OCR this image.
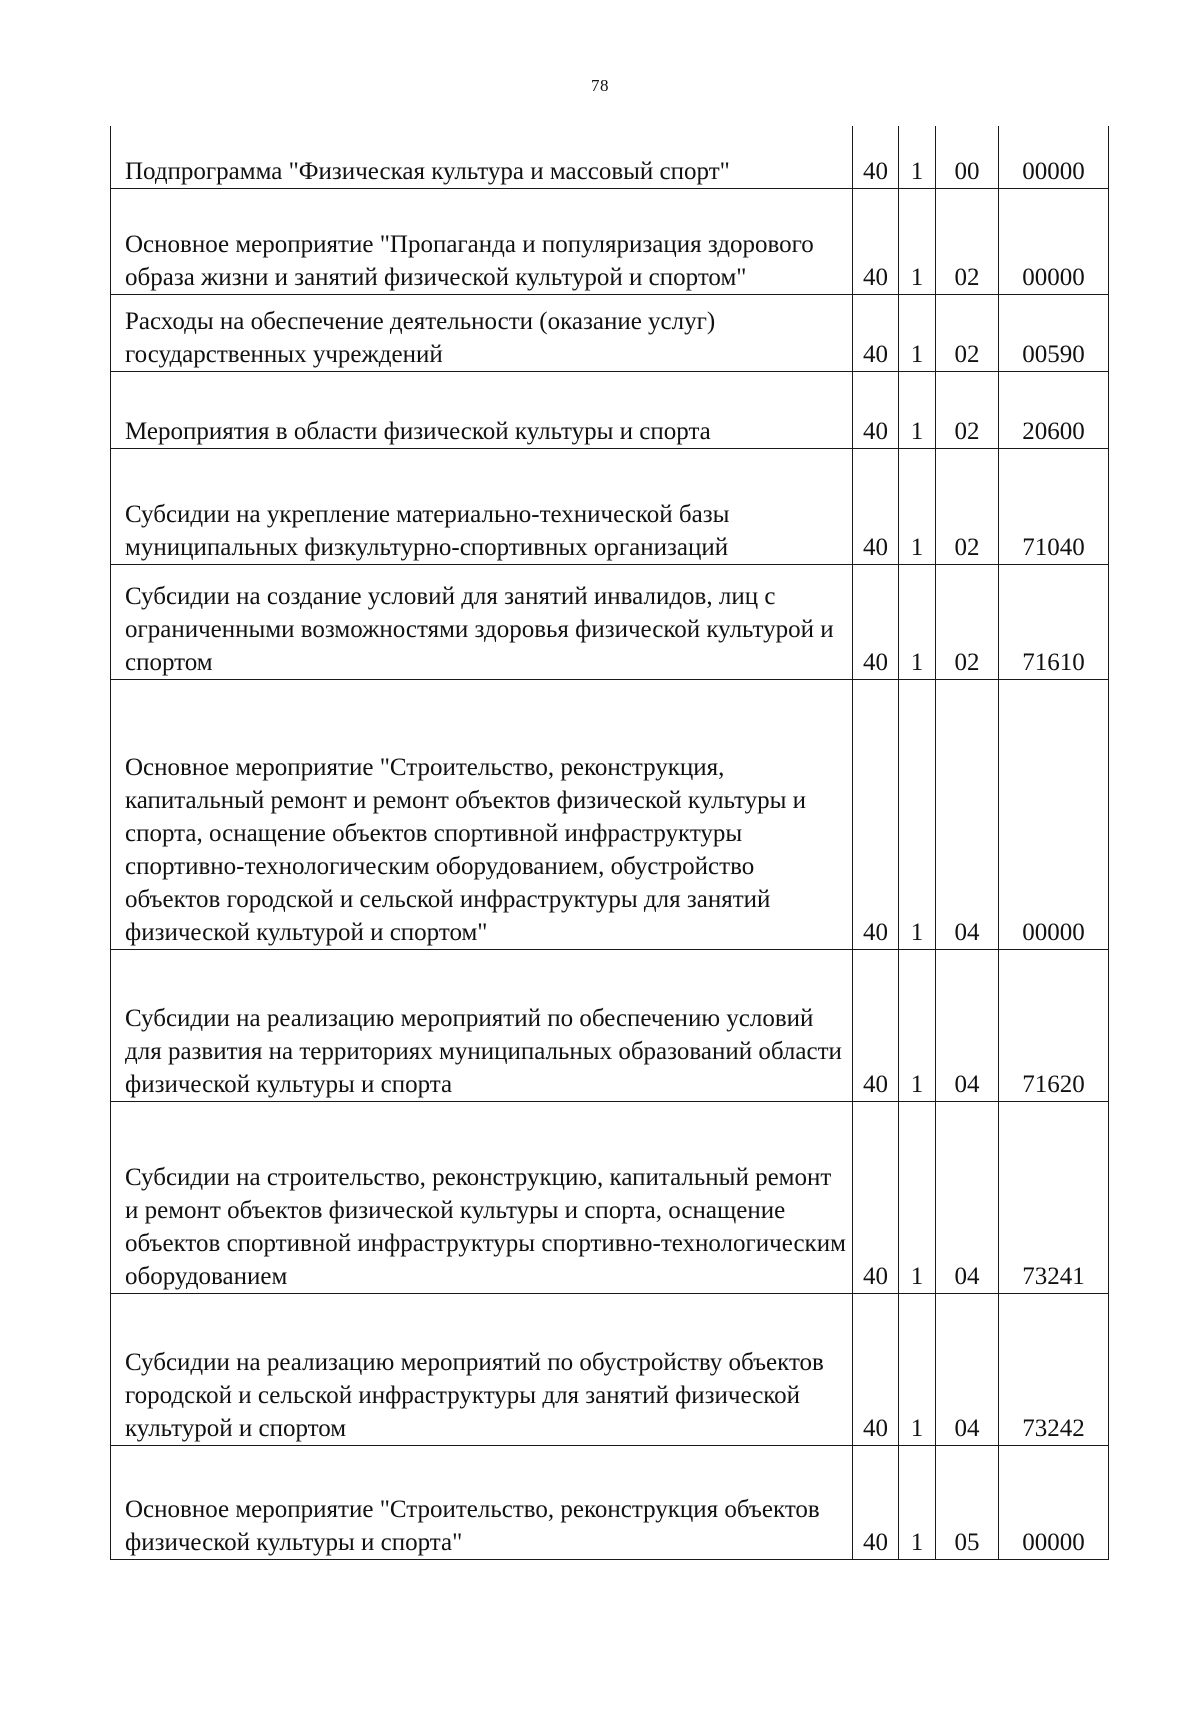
78
Подпрограмма "Физическая культура и массовый спорт"	40	1	00	00000
Основное мероприятие "Пропаганда и популяризация здорового образа жизни и занятий физической культурой и спортом"	40	1	02	00000
Расходы на обеспечение деятельности (оказание услуг) государственных учреждений	40	1	02	00590
Мероприятия в области физической культуры и спорта	40	1	02	20600
Субсидии на укрепление материально-технической базы муниципальных физкультурно-спортивных организаций	40	1	02	71040
Субсидии на создание условий для занятий инвалидов, лиц с ограниченными возможностями здоровья физической культурой и спортом	40	1	02	71610
Основное мероприятие "Строительство, реконструкция, капитальный ремонт и ремонт объектов физической культуры и спорта, оснащение объектов спортивной инфраструктуры спортивно-технологическим оборудованием, обустройство объектов городской и сельской инфраструктуры для занятий физической культурой и спортом"	40	1	04	00000
Субсидии на реализацию мероприятий по обеспечению условий для развития на территориях муниципальных образований области физической культуры и спорта	40	1	04	71620
Субсидии на строительство, реконструкцию, капитальный ремонт и ремонт объектов физической культуры и спорта, оснащение объектов спортивной инфраструктуры спортивно-технологическим оборудованием	40	1	04	73241
Субсидии на реализацию мероприятий по обустройству объектов городской и сельской инфраструктуры для занятий физической культурой и спортом	40	1	04	73242
Основное мероприятие "Строительство, реконструкция объектов физической культуры и спорта"	40	1	05	00000
